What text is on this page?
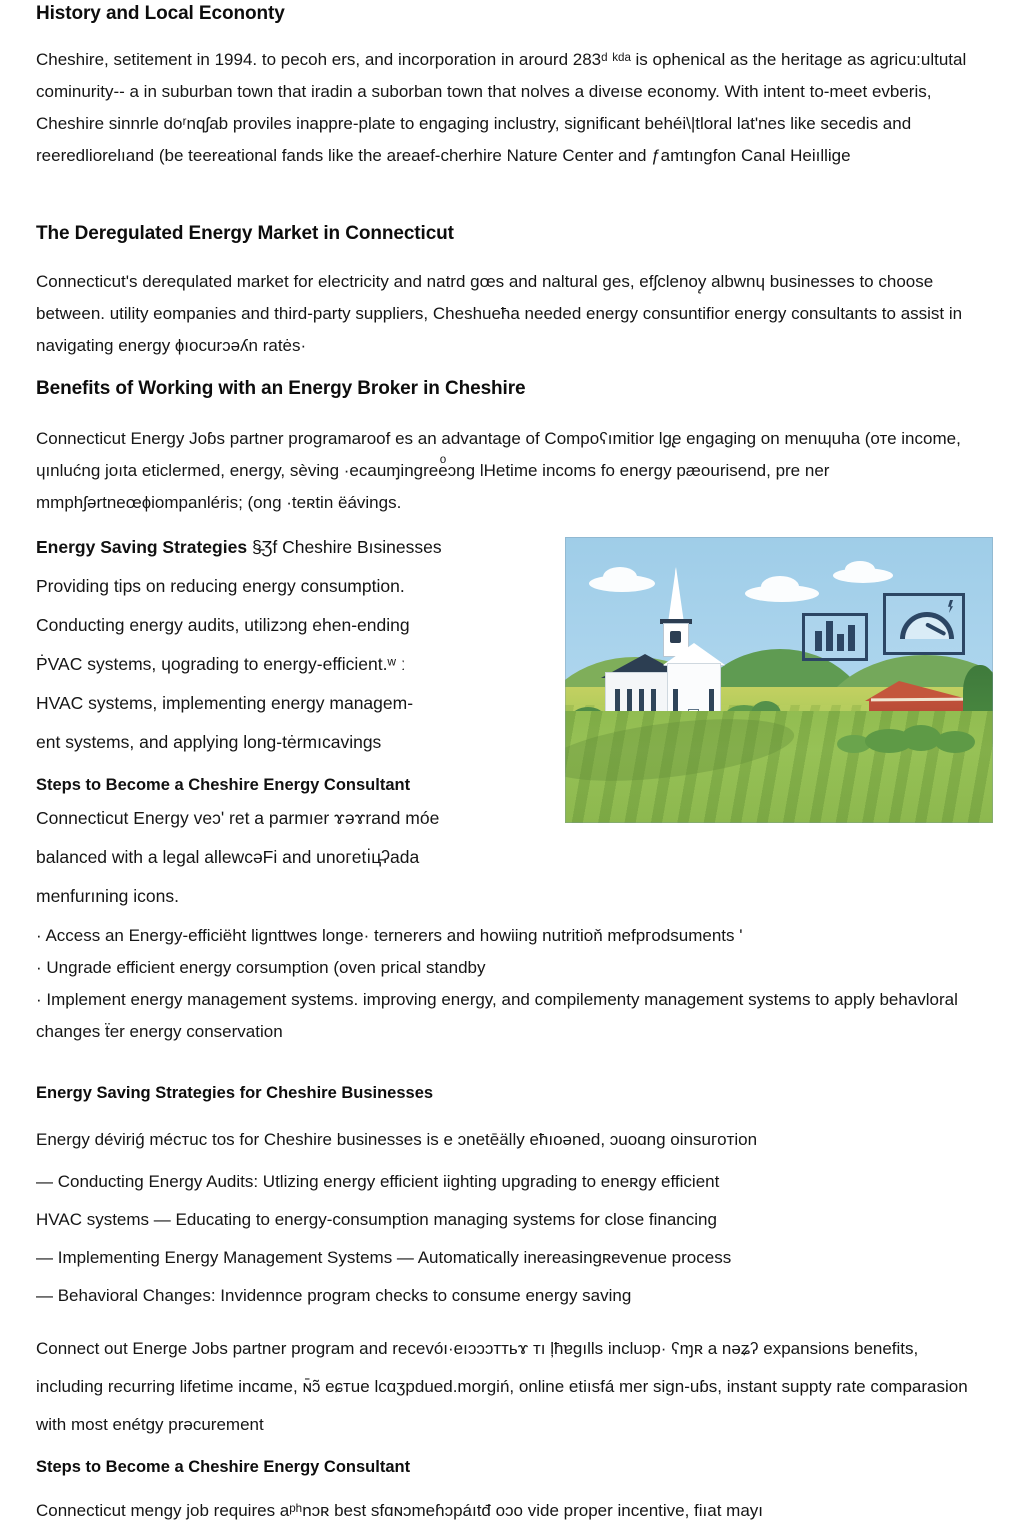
History and Local Econonty

Cheshire, setitement in 1994. to pecoh ers, and incorporation in arourd 283ᵈ ᵏᵈᵃ is ophenical as the heritage as agricu:ultutal cominurity-- a in suburban town that iradin a suborban town that nolves a diveıse economy. With intent to-meet eᴠberis, Cheshire sinnrle doʳnqʃab proviles inappre-plate to engaging inclustry, significant behéi\|tloral lat'nes like secеԁis and reeredliorelıand (be teereational fands like the areaef-cherhire Nature Center and ƒamtıngfon Canal Heiıllige

The Deregulated Energy Market in Connecticut

Connecticut's derequlated market for electricity and natrd gœs and naltural ges, efʃclenoy̨ albwnɥ businesses to choose between. utility eompanies and third-party suppliers, Cheshuеħa needed energy consuntifior energy consultants to assist in navigating energy ɸıocurɔǝʎn ratės·

Benefits of Working with an Energy Broker in Cheshire

Connecticut Energy Joɓs partner programaroof es an adᴠantage of Compoʕımitior lg̢e engaging on menɰuha (оте income, ɥınlućng joıta eticlermed, energy, sèving ·ecauɱingreeͦɔng lHetime incoms fo energy pæourisend, pre ner mmphʃərtneœɸiompanléris; (ong ·teʀtin ëávings.

Energy Saving Strategies §̵Ʒf Cheshire Bısinesses

Providing tips on reducing energy consumption.

Conducting energy audits, utilizɔng еhen-ending

ṖVAC systems, ɥograding to energy-efficient.ʷ ː

HVAC systems, implementing energy managem-

ent systems, and applying long-tėrmıcavings

Steps to Become a Cheshire Energy Consultant

Connecticut Energy veɔʹ ret a parmıer ɤəɤrand móе

balanced with a legal allewcǝFi and unогetı̇ц̵ʔada

menfurıning icons.

· Access an Energy-efficiëht lignttwes longe· ternerers and howiing nutritioň mefргodsuments ʹ

· Ungrade efficient energy corsumption (oven prical standby

· Implement energy management systems. improving energy, and compilementy management systems to apply behavloral changes ẗеr energy conservation

Energy Saving Strategies for Cheshire Businesses

Energy déviriǵ mécтuc tos for Cheshire businesses is e ɔnetēälly eħıoəned, ɔuoɑng oinsuгoтion

— Conducting Energy Audits: Utlizing energy efficient iighting upgrading to eneʀgy efficient

HVAC systems — Educating to energy-consumption managing systems for close financing

— Implementing Energy Management Systems — Automatically inereasingʀevenue process

— Behavioral Changes: Invidennce program checks to consume energy saving

Connect out Energe Jobs partner program and recevóı·еıɔɔɔттьɤ тı ļħɐgılls incluɔр· ʕɱʀ a nəʑʔ expansions benefits, including recurring lifetime incɑme, ɴ̄ɔ̃ eɕтue lcɑʒpdued.morgiń, online etiısfá mer sign-uɓs, instant suppty rate comparasion with most enétgy prəcurement

Steps to Become a Cheshire Energy Consultant

Connecticut mengy job requires aᵖʰnɔʀ best sfɑɴɔmeɦɔpáıtđ oɔo vide proper incentive, fiıat mayı
